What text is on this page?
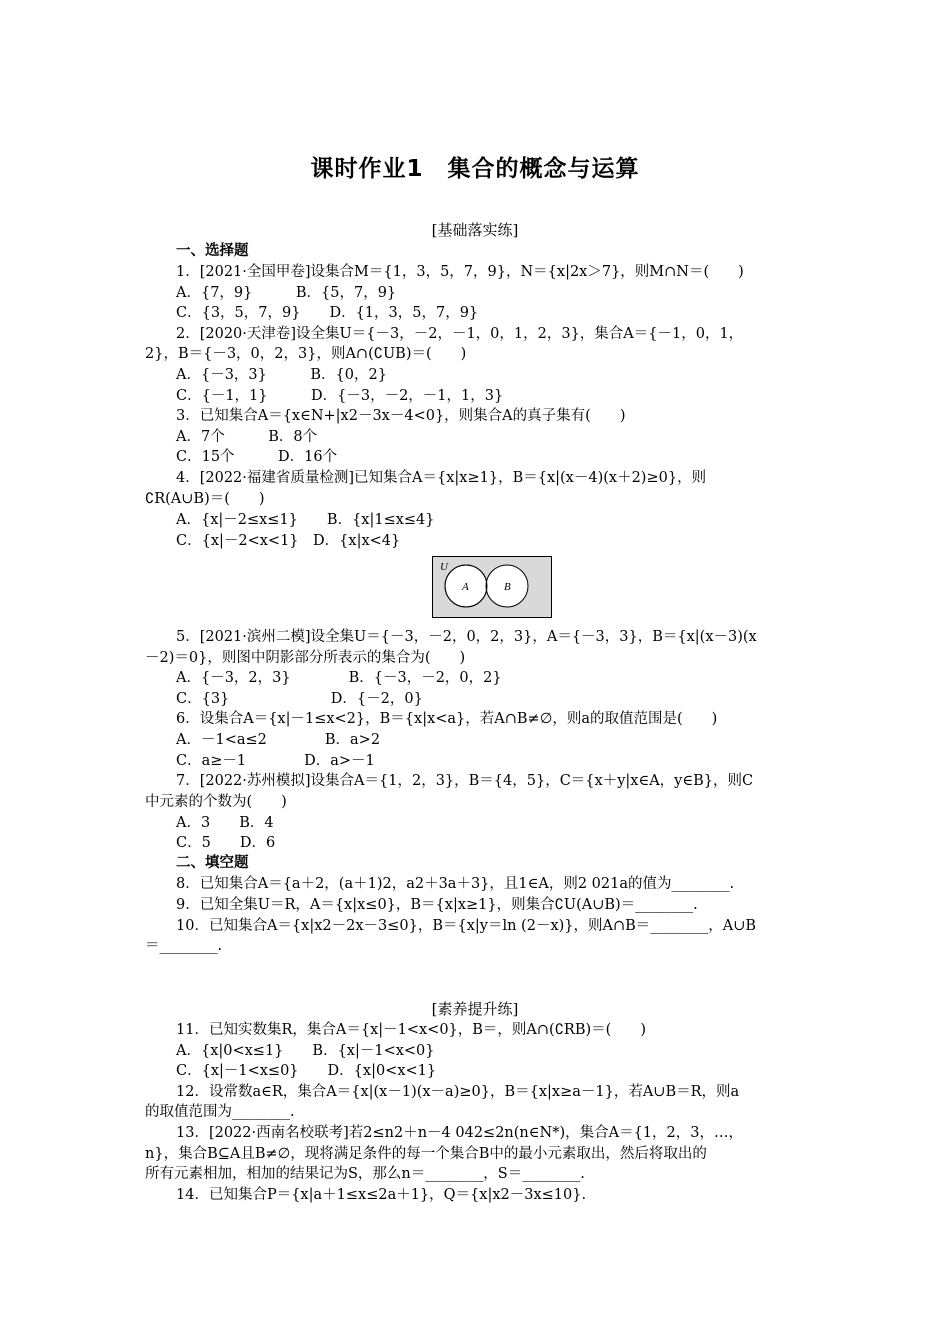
课时作业1　集合的概念与运算
[基础落实练]
一、选择题
1．[2021·全国甲卷]设集合M＝{1，3，5，7，9}，N＝{x|2x＞7}，则M∩N＝(　　)
A．{7，9}　　　B．{5，7，9}
C．{3，5，7，9}　　D．{1，3，5，7，9}
2．[2020·天津卷]设全集U＝{－3，－2，－1，0，1，2，3}，集合A＝{－1，0，1，
2}，B＝{－3，0，2，3}，则A∩(∁UB)＝(　　)
A．{－3，3}　　　B．{0，2}
C．{－1，1}　　　D．{－3，－2，－1，1，3}
3．已知集合A＝{x∈N+|x2－3x－4<0}，则集合A的真子集有(　　)
A．7个　　　B．8个
C．15个　　　D．16个
4．[2022·福建省质量检测]已知集合A＝{x|x≥1}，B＝{x|(x－4)(x＋2)≥0}，则
∁R(A∪B)＝(　　)
A．{x|－2≤x≤1}　　B．{x|1≤x≤4}
C．{x|－2<x<1}　D．{x|x<4}
U
A	B
5．[2021·滨州二模]设全集U＝{－3，－2，0，2，3}，A＝{－3，3}，B＝{x|(x－3)(x
－2)＝0}，则图中阴影部分所表示的集合为(　　)
A．{－3，2，3}　　　　B．{－3，－2，0，2}
C．{3}　　　　　　　D．{－2，0}
6．设集合A＝{x|－1≤x<2}，B＝{x|x<a}，若A∩B≠∅，则a的取值范围是(　　)
A．－1<a≤2　　　　B．a>2
C．a≥－1　　　　D．a>－1
7．[2022·苏州模拟]设集合A＝{1，2，3}，B＝{4，5}，C＝{x＋y|x∈A，y∈B}，则C
中元素的个数为(　　)
A．3　　B．4
C．5　　D．6
二、填空题
8．已知集合A＝{a＋2，(a＋1)2，a2＋3a＋3}，且1∈A，则2 021a的值为________.
9．已知全集U＝R，A＝{x|x≤0}，B＝{x|x≥1}，则集合∁U(A∪B)＝________.
10．已知集合A＝{x|x2－2x－3≤0}，B＝{x|y＝ln (2－x)}，则A∩B＝________，A∪B
＝________.
[素养提升练]
11．已知实数集R，集合A＝{x|－1<x<0}，B＝，则A∩(∁RB)＝(　　)
A．{x|0<x≤1}　　B．{x|－1<x<0}
C．{x|－1<x≤0}　　D．{x|0<x<1}
12．设常数a∈R，集合A＝{x|(x－1)(x－a)≥0}，B＝{x|x≥a－1}，若A∪B＝R，则a
的取值范围为________.
13．[2022·西南名校联考]若2≤n2＋n－4 042≤2n(n∈N*)，集合A＝{1，2，3，…，
n}，集合B⊆A且B≠∅，现将满足条件的每一个集合B中的最小元素取出，然后将取出的
所有元素相加，相加的结果记为S，那么n＝________，S＝________.
14．已知集合P＝{x|a＋1≤x≤2a＋1}，Q＝{x|x2－3x≤10}.
